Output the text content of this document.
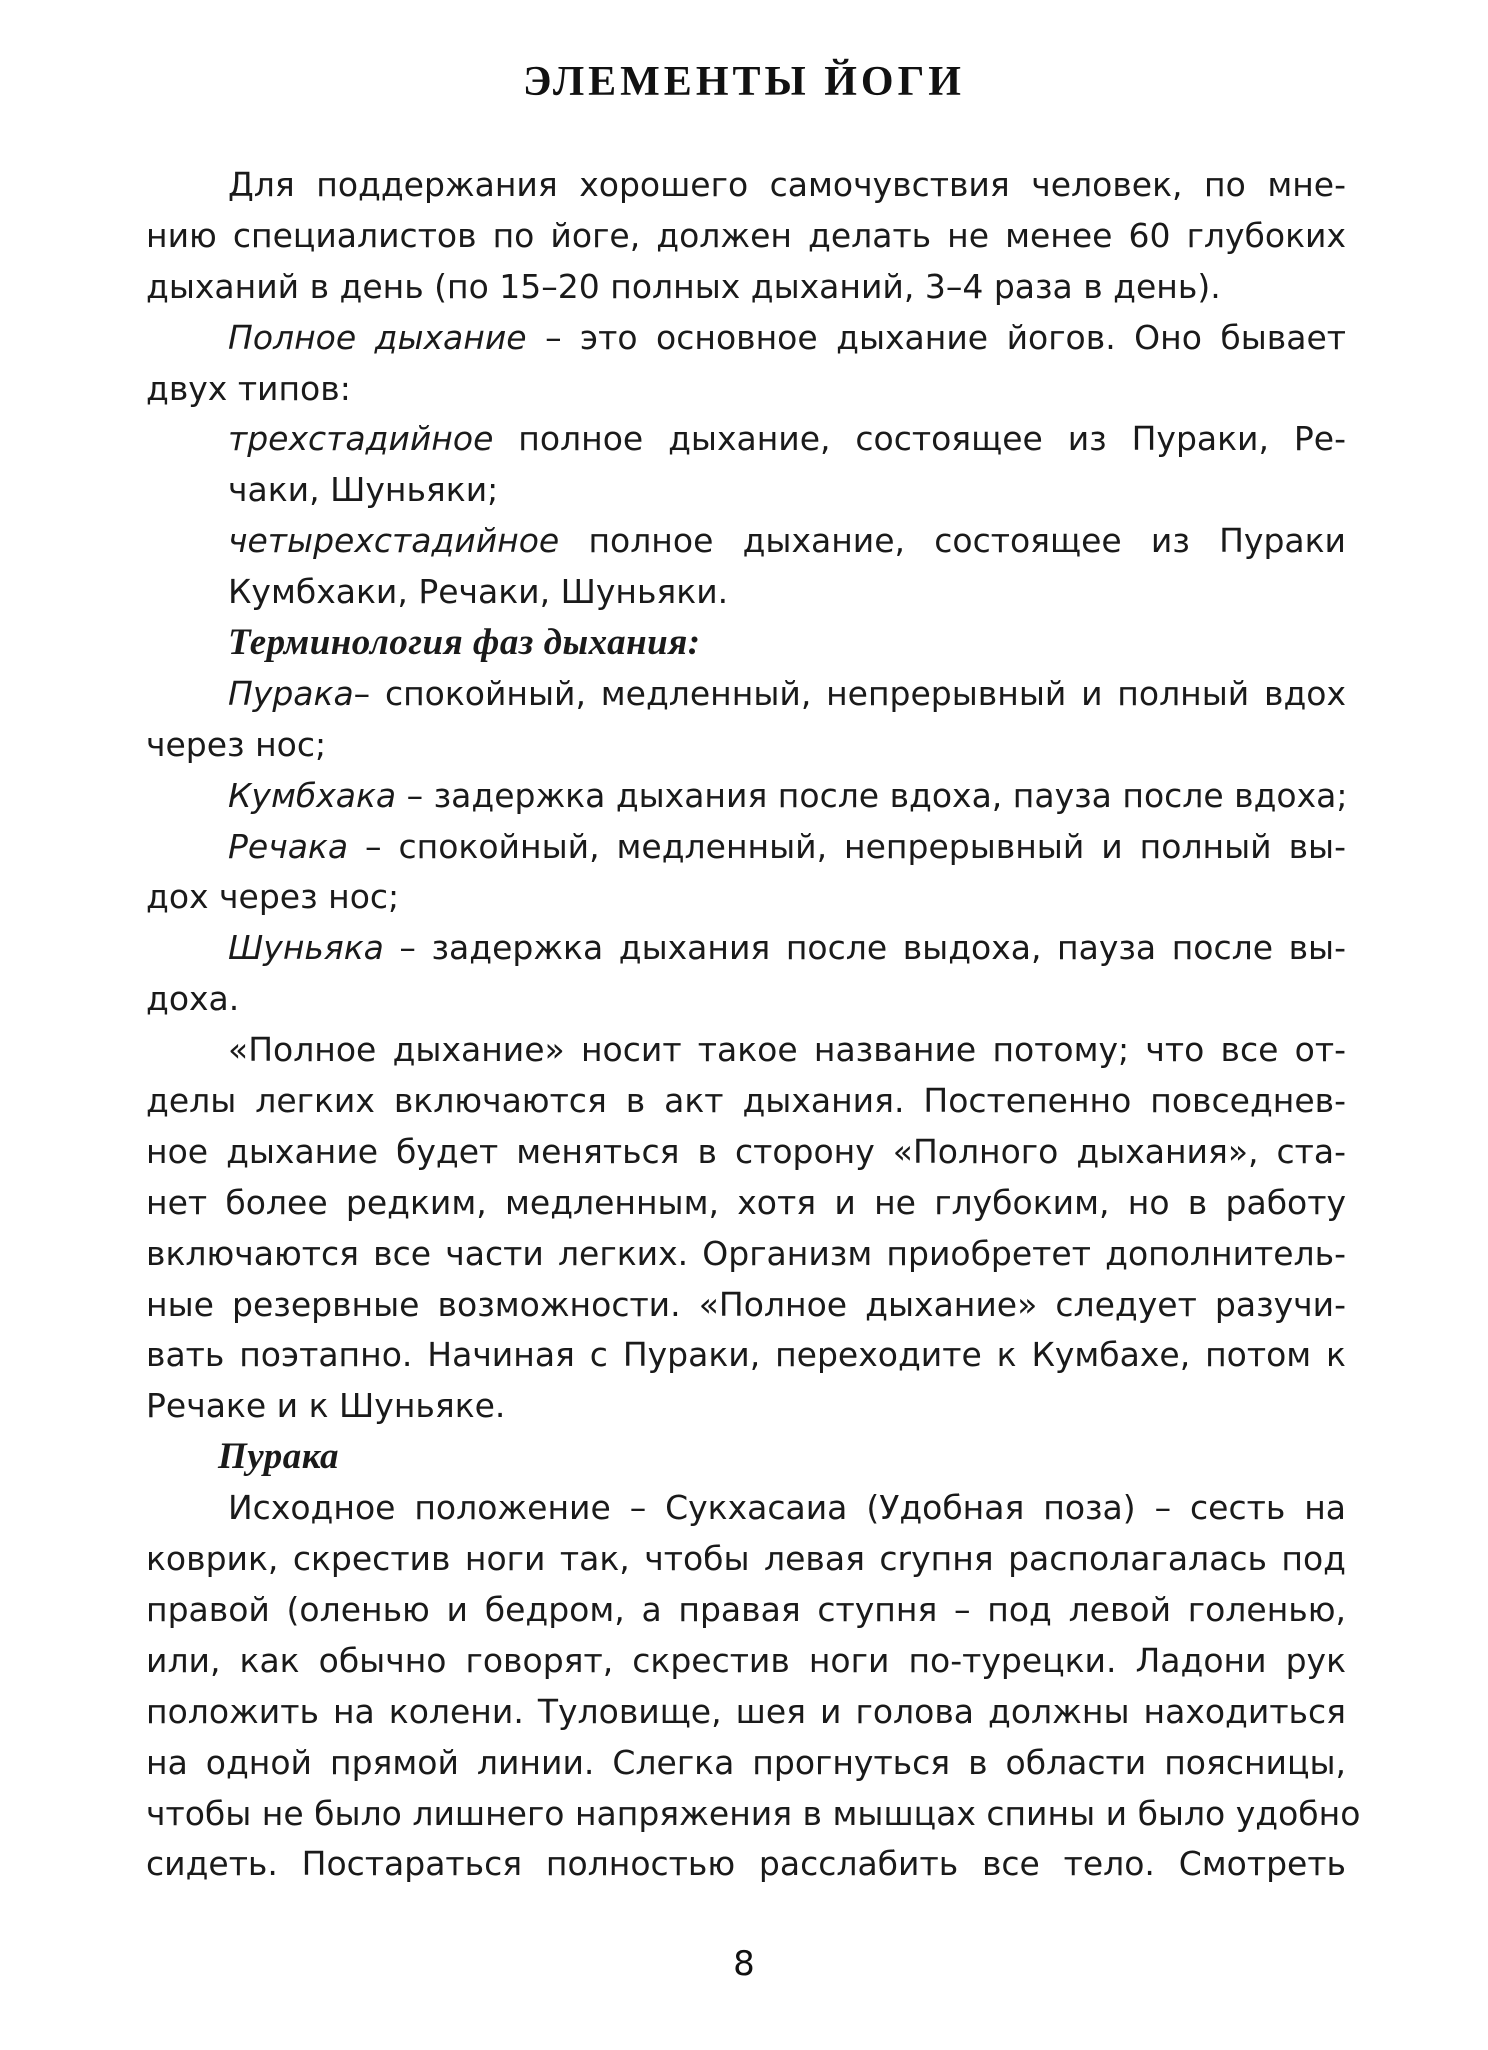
ЭЛЕМЕНТЫ ЙОГИ
Для поддержания хорошего самочувствия человек, по мне-
нию специалистов по йоге, должен делать не менее 60 глубоких
дыханий в день (по 15–20 полных дыханий, 3–4 раза в день).
Полное дыхание – это основное дыхание йогов. Оно бывает
двух типов:
трехстадийное полное дыхание, состоящее из Пураки, Ре-
чаки, Шуньяки;
четырехстадийное полное дыхание, состоящее из Пураки
Кумбхаки, Речаки, Шуньяки.
Терминология фаз дыхания:
Пурака– спокойный, медленный, непрерывный и полный вдох
через нос;
Кумбхака – задержка дыхания после вдоха, пауза после вдоха;
Речака – спокойный, медленный, непрерывный и полный вы-
дох через нос;
Шуньяка – задержка дыхания после выдоха, пауза после вы-
доха.
«Полное дыхание» носит такое название потому; что все от-
делы легких включаются в акт дыхания. Постепенно повседнев-
ное дыхание будет меняться в сторону «Полного дыхания», ста-
нет более редким, медленным, хотя и не глубоким, но в работу
включаются все части легких. Организм приобретет дополнитель-
ные резервные возможности. «Полное дыхание» следует разучи-
вать поэтапно. Начиная с Пураки, переходите к Кумбахе, потом к
Речаке и к Шуньяке.
Пурака
Исходное положение – Сукхасаиа (Удобная поза) – сесть на
коврик, скрестив ноги так, чтобы левая сryпня располагалась под
правой (оленью и бедром, а правая ступня – под левой голенью,
или, как обычно говорят, скрестив ноги по-турецки. Ладони рук
положить на колени. Туловище, шея и голова должны находиться
на одной прямой линии. Слегка прогнуться в области поясницы,
чтобы не было лишнего напряжения в мышцах спины и было удобно
сидеть. Постараться полностью расслабить все тело. Смотреть
8
